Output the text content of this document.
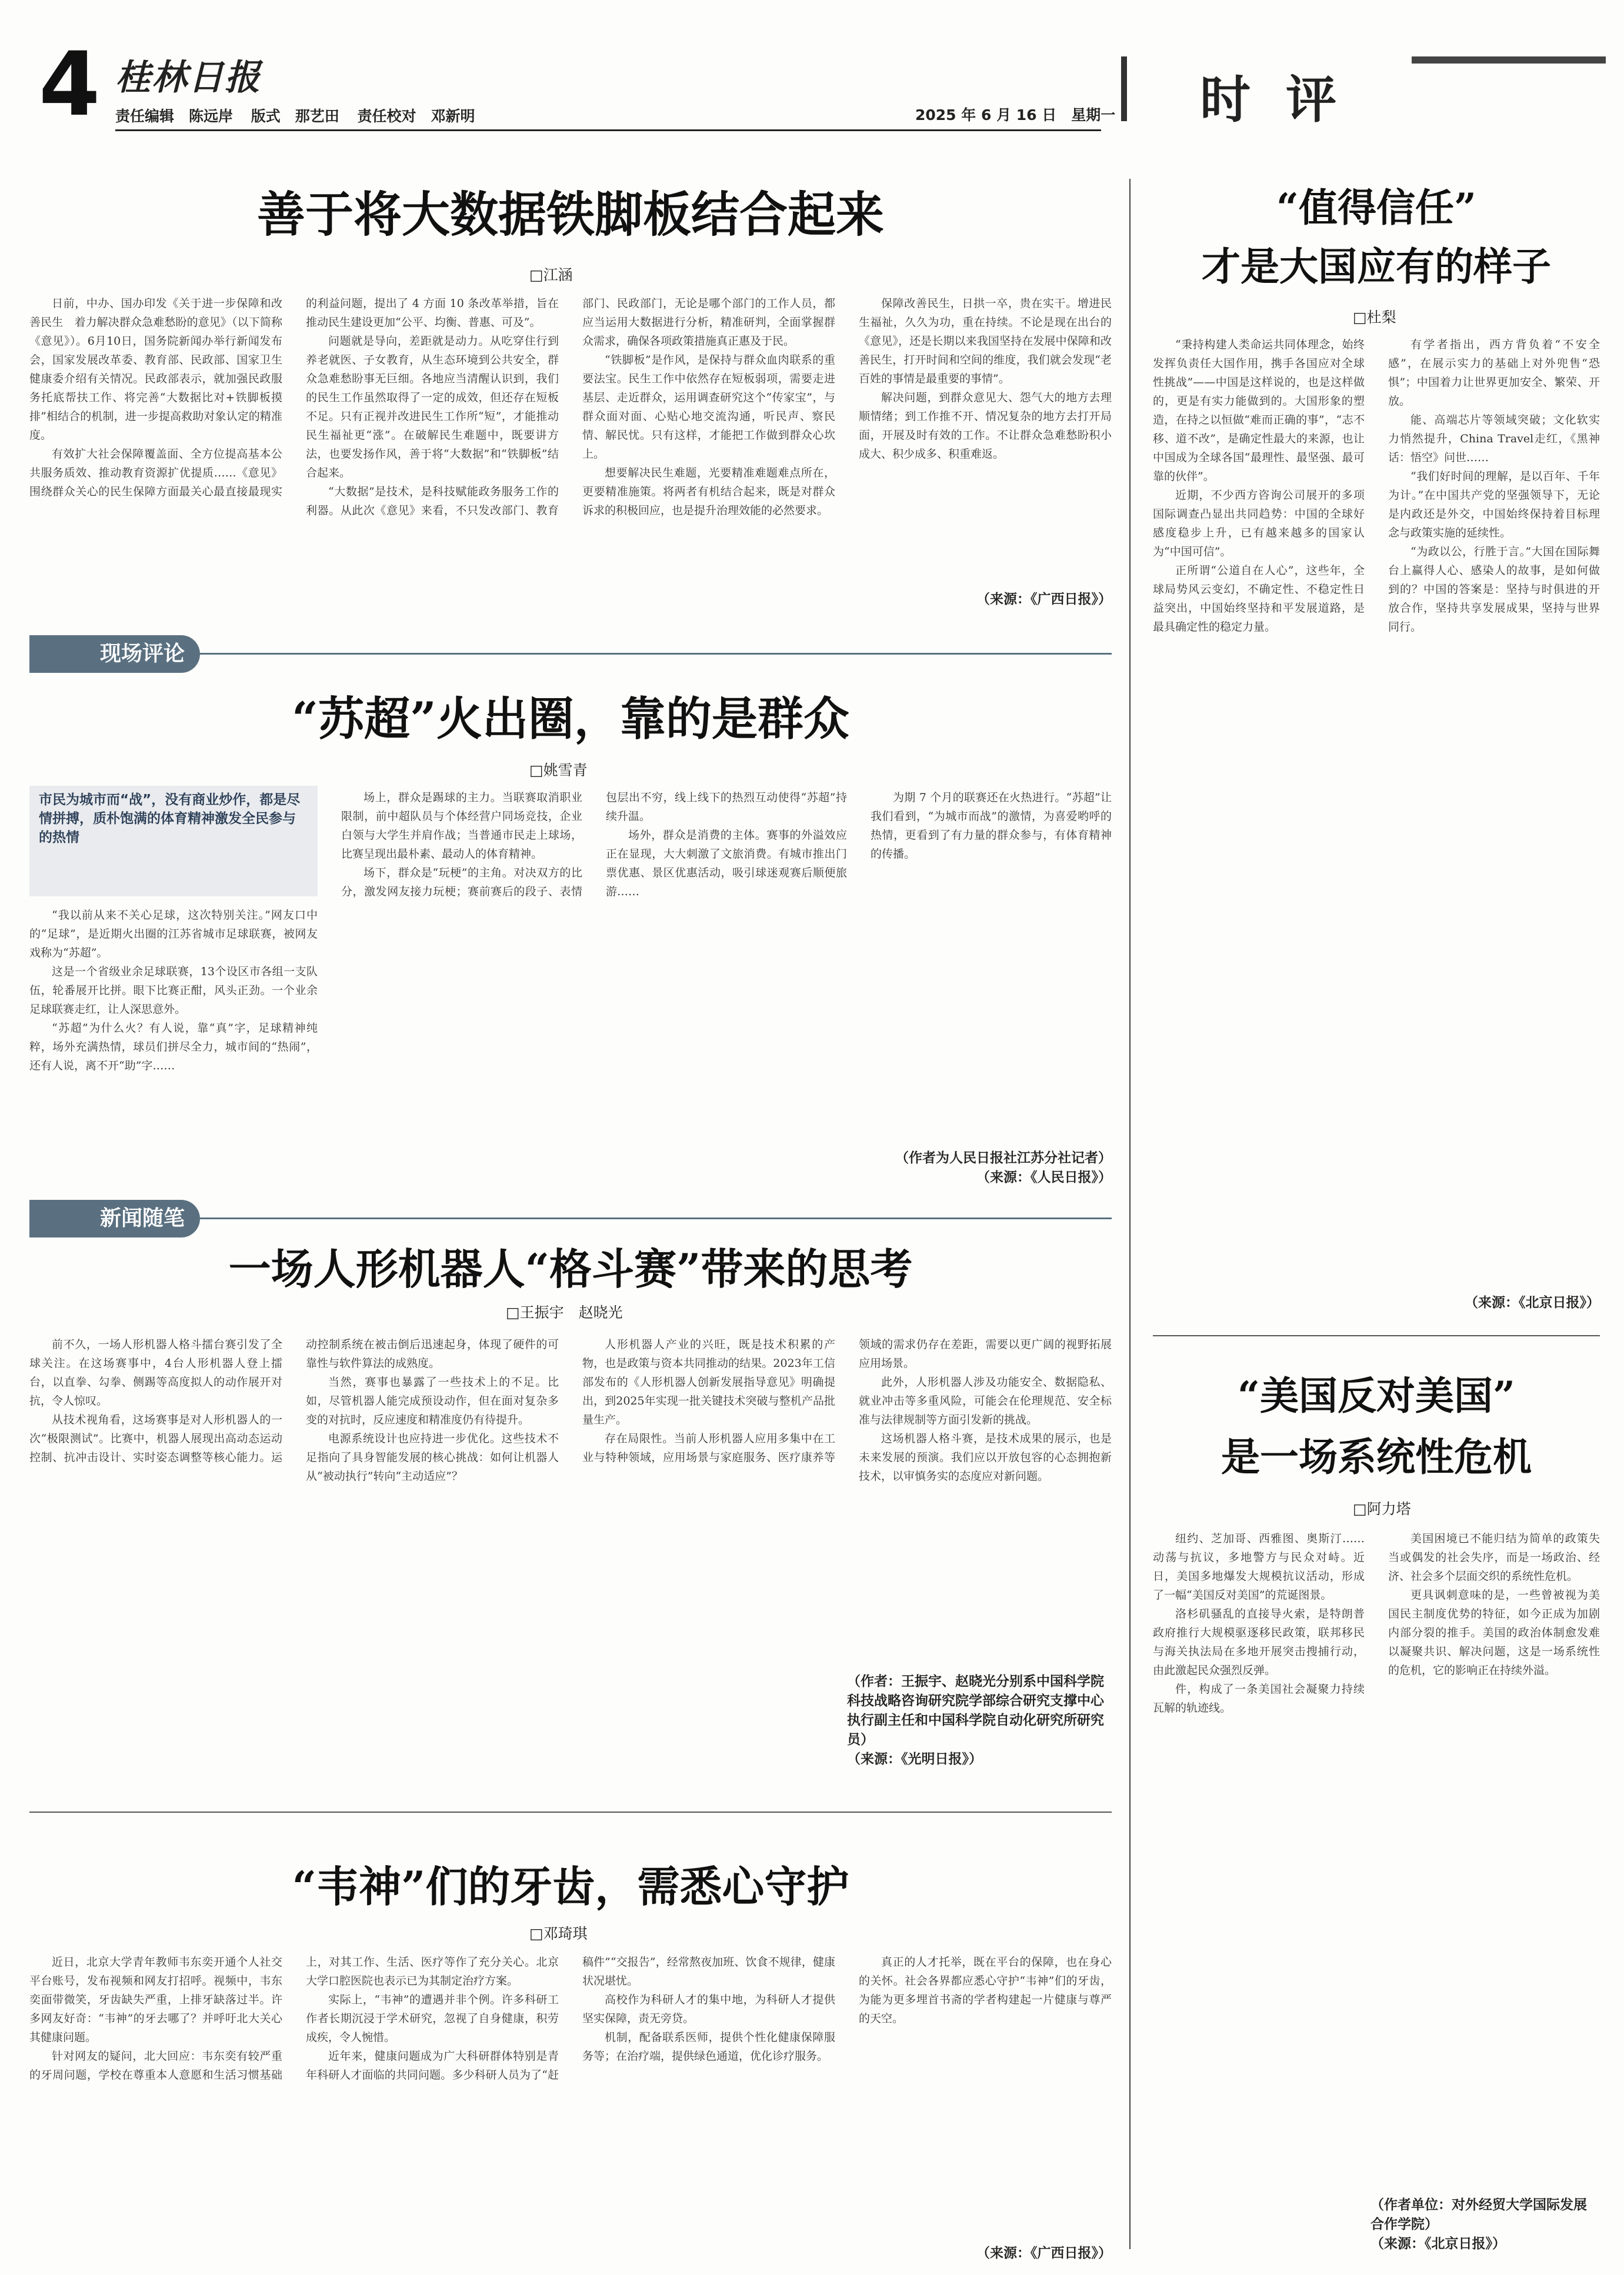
4 桂林日报
责任编辑　陈远岸 版式　那艺田 责任校对　邓新明	2025 年 6 月 16 日　星期一 时评
善于将大数据铁脚板结合起来
□江涵

日前，中办、国办印发《关于进一步保障和改善民生　着力解决群众急难愁盼的意见》（以下简称《意见》）。6月10日，国务院新闻办举行新闻发布会，国家发展改革委、教育部、民政部、国家卫生健康委介绍有关情况。民政部表示，就加强民政服务托底帮扶工作、将完善“大数据比对+铁脚板摸排”相结合的机制，进一步提高救助对象认定的精准度。

有效扩大社会保障覆盖面、全方位提高基本公共服务质效、推动教育资源扩优提质……《意见》围绕群众关心的民生保障方面最关心最直接最现实的利益问题，提出了 4 方面 10 条改革举措，旨在推动民生建设更加“公平、均衡、普惠、可及”。

问题就是导向，差距就是动力。从吃穿住行到养老就医、子女教育，从生态环境到公共安全，群众急难愁盼事无巨细。各地应当清醒认识到，我们的民生工作虽然取得了一定的成效，但还存在短板不足。只有正视并改进民生工作所“短”，才能推动民生福祉更“涨”。在破解民生难题中，既要讲方法，也要发扬作风，善于将“大数据”和“铁脚板”结合起来。

“大数据”是技术，是科技赋能政务服务工作的利器。从此次《意见》来看，不只发改部门、教育部门、民政部门，无论是哪个部门的工作人员，都应当运用大数据进行分析，精准研判，全面掌握群众需求，确保各项政策措施真正惠及于民。

“铁脚板”是作风，是保持与群众血肉联系的重要法宝。民生工作中依然存在短板弱项，需要走进基层、走近群众，运用调查研究这个“传家宝”，与群众面对面、心贴心地交流沟通，听民声、察民情、解民忧。只有这样，才能把工作做到群众心坎上。

想要解决民生难题，光要精准难题难点所在，更要精准施策。将两者有机结合起来，既是对群众诉求的积极回应，也是提升治理效能的必然要求。

保障改善民生，日拱一卒，贵在实干。增进民生福祉，久久为功，重在持续。不论是现在出台的《意见》，还是长期以来我国坚持在发展中保障和改善民生，打开时间和空间的维度，我们就会发现“老百姓的事情是最重要的事情”。

解决问题，到群众意见大、怨气大的地方去理顺情绪；到工作推不开、情况复杂的地方去打开局面，开展及时有效的工作。不让群众急难愁盼积小成大、积少成多、积重难返。

（来源：《广西日报》）
现场评论
“苏超”火出圈，靠的是群众
□姚雪青
市民为城市而“战”，没有商业炒作，都是尽情拼搏，质朴饱满的体育精神激发全民参与的热情

“我以前从来不关心足球，这次特别关注。”网友口中的“足球”，是近期火出圈的江苏省城市足球联赛，被网友戏称为“苏超”。

这是一个省级业余足球联赛，13个设区市各组一支队伍，轮番展开比拼。眼下比赛正酣，风头正劲。一个业余足球联赛走红，让人深思意外。

“苏超”为什么火？有人说，靠“真”字，足球精神纯粹，场外充满热情，球员们拼尽全力，城市间的“热闹”，还有人说，离不开“助”字……

场上，群众是踢球的主力。当联赛取消职业限制，前中超队员与个体经营户同场竞技，企业白领与大学生并肩作战；当普通市民走上球场，比赛呈现出最朴素、最动人的体育精神。

场下，群众是“玩梗”的主角。对决双方的比分，激发网友接力玩梗；赛前赛后的段子、表情包层出不穷，线上线下的热烈互动使得“苏超”持续升温。

场外，群众是消费的主体。赛事的外溢效应正在显现，大大刺激了文旅消费。有城市推出门票优惠、景区优惠活动，吸引球迷观赛后顺便旅游……

为期 7 个月的联赛还在火热进行。“苏超”让我们看到，“为城市而战”的激情，为喜爱哟呼的热情，更看到了有力量的群众参与，有体育精神的传播。

（作者为人民日报社江苏分社记者）
（来源：《人民日报》）
新闻随笔
一场人形机器人“格斗赛”带来的思考
□王振宇　赵晓光

前不久，一场人形机器人格斗擂台赛引发了全球关注。在这场赛事中，4台人形机器人登上擂台，以直拳、勾拳、侧踢等高度拟人的动作展开对抗，令人惊叹。

从技术视角看，这场赛事是对人形机器人的一次“极限测试”。比赛中，机器人展现出高动态运动控制、抗冲击设计、实时姿态调整等核心能力。运动控制系统在被击倒后迅速起身，体现了硬件的可靠性与软件算法的成熟度。

当然，赛事也暴露了一些技术上的不足。比如，尽管机器人能完成预设动作，但在面对复杂多变的对抗时，反应速度和精准度仍有待提升。

电源系统设计也应持进一步优化。这些技术不足指向了具身智能发展的核心挑战：如何让机器人从“被动执行”转向“主动适应”？

人形机器人产业的兴旺，既是技术积累的产物，也是政策与资本共同推动的结果。2023年工信部发布的《人形机器人创新发展指导意见》明确提出，到2025年实现一批关键技术突破与整机产品批量生产。

存在局限性。当前人形机器人应用多集中在工业与特种领域，应用场景与家庭服务、医疗康养等领域的需求仍存在差距，需要以更广阔的视野拓展应用场景。

此外，人形机器人涉及功能安全、数据隐私、就业冲击等多重风险，可能会在伦理规范、安全标准与法律规制等方面引发新的挑战。

这场机器人格斗赛，是技术成果的展示，也是未来发展的预演。我们应以开放包容的心态拥抱新技术，以审慎务实的态度应对新问题。

（作者：王振宇、赵晓光分别系中国科学院科技战略咨询研究院学部综合研究支撑中心执行副主任和中国科学院自动化研究所研究员）
（来源：《光明日报》）
“韦神”们的牙齿，需悉心守护
□邓琦琪

近日，北京大学青年教师韦东奕开通个人社交平台账号，发布视频和网友打招呼。视频中，韦东奕面带微笑，牙齿缺失严重，上排牙缺落过半。许多网友好奇：“韦神”的牙去哪了？并呼吁北大关心其健康问题。

针对网友的疑问，北大回应：韦东奕有较严重的牙周问题，学校在尊重本人意愿和生活习惯基础上，对其工作、生活、医疗等作了充分关心。北京大学口腔医院也表示已为其制定治疗方案。

实际上，“韦神”的遭遇并非个例。许多科研工作者长期沉浸于学术研究，忽视了自身健康，积劳成疾，令人惋惜。

近年来，健康问题成为广大科研群体特别是青年科研人才面临的共同问题。多少科研人员为了“赶稿件”“交报告”，经常熬夜加班、饮食不规律，健康状况堪忧。

高校作为科研人才的集中地，为科研人才提供坚实保障，责无旁贷。

机制，配备联系医师，提供个性化健康保障服务等；在治疗端，提供绿色通道，优化诊疗服务。

真正的人才托举，既在平台的保障，也在身心的关怀。社会各界都应悉心守护“韦神”们的牙齿，为能为更多埋首书斋的学者构建起一片健康与尊严的天空。

（来源：《广西日报》）
“值得信任”
才是大国应有的样子
□杜梨

“秉持构建人类命运共同体理念，始终发挥负责任大国作用，携手各国应对全球性挑战”——中国是这样说的，也是这样做的，更是有实力能做到的。大国形象的塑造，在持之以恒做“难而正确的事”，“志不移、道不改”，是确定性最大的来源，也让中国成为全球各国“最理性、最坚强、最可靠的伙伴”。

近期，不少西方咨询公司展开的多项国际调查凸显出共同趋势：中国的全球好感度稳步上升，已有越来越多的国家认为“中国可信”。

正所谓“公道自在人心”，这些年，全球局势风云变幻，不确定性、不稳定性日益突出，中国始终坚持和平发展道路，是最具确定性的稳定力量。

有学者指出，西方背负着“不安全感”，在展示实力的基础上对外兜售“恐惧”；中国着力让世界更加安全、繁荣、开放。

能、高端芯片等领域突破；文化软实力悄然提升，China Travel走红，《黑神话：悟空》问世……

“我们好时间的理解，是以百年、千年为计。”在中国共产党的坚强领导下，无论是内政还是外交，中国始终保持着目标理念与政策实施的延续性。

“为政以公，行胜于言。”大国在国际舞台上赢得人心、感染人的故事，是如何做到的？中国的答案是：坚持与时俱进的开放合作，坚持共享发展成果，坚持与世界同行。

（来源：《北京日报》）
“美国反对美国”
是一场系统性危机
□阿力塔

纽约、芝加哥、西雅图、奥斯汀……动荡与抗议，多地警方与民众对峙。近日，美国多地爆发大规模抗议活动，形成了一幅“美国反对美国”的荒诞图景。

洛杉矶骚乱的直接导火索，是特朗普政府推行大规模驱逐移民政策，联邦移民与海关执法局在多地开展突击搜捕行动，由此激起民众强烈反弹。

件，构成了一条美国社会凝聚力持续瓦解的轨迹线。

美国困境已不能归结为简单的政策失当或偶发的社会失序，而是一场政治、经济、社会多个层面交织的系统性危机。

更具讽刺意味的是，一些曾被视为美国民主制度优势的特征，如今正成为加剧内部分裂的推手。美国的政治体制愈发难以凝聚共识、解决问题，这是一场系统性的危机，它的影响正在持续外溢。

（作者单位：对外经贸大学国际发展合作学院）
（来源：《北京日报》）
